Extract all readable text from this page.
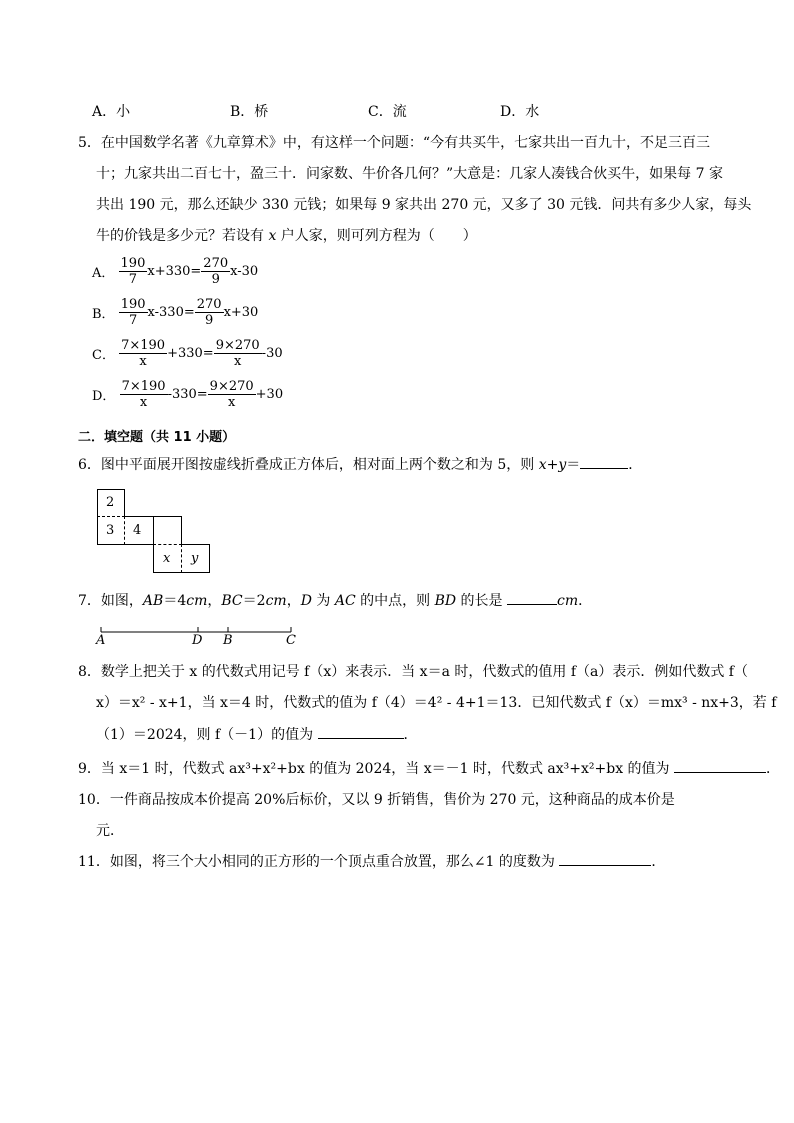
A．小	B．桥	C．流	D．水
5．在中国数学名著《九章算术》中，有这样一个问题：“今有共买牛，七家共出一百九十，不足三百三
十；九家共出二百七十，盈三十．问家数、牛价各几何？”大意是：几家人凑钱合伙买牛，如果每 7 家
共出 190 元，那么还缺少 330 元钱；如果每 9 家共出 270 元，又多了 30 元钱．问共有多少人家，每头
牛的价钱是多少元？若设有 x 户人家，则可列方程为（　　）
A． $\frac{190}{7} x+330= \frac{270}{9} x-30$
B． $\frac{190}{7} x-330= \frac{270}{9} x+30$
C． $\frac{7\times 190}{x} +330= \frac{9\times 270}{x} -30$
D． $\frac{7\times 190}{x} -330= \frac{9\times 270}{x} +30$
二．填空题（共 11 小题）
6．图中平面展开图按虚线折叠成正方体后，相对面上两个数之和为 5，则 x+y＝	．
2
3 4
x y
7．如图，AB＝4cm，BC＝2cm，D 为 AC 的中点，则 BD 的长是	cm．
A	D B	C
8．数学上把关于 x 的代数式用记号 f（x）来表示．当 x＝a 时，代数式的值用 f（a）表示．例如代数式 f（
x）＝x² - x+1，当 x＝4 时，代数式的值为 f（4）＝4² - 4+1＝13．已知代数式 f（x）＝mx³ - nx+3，若 f
（1）＝2024，则 f（－1）的值为	．
9．当 x＝1 时，代数式 ax³+x²+bx 的值为 2024，当 x＝－1 时，代数式 ax³+x²+bx 的值为	．
10．一件商品按成本价提高 20%后标价，又以 9 折销售，售价为 270 元，这种商品的成本价是
元．
11．如图，将三个大小相同的正方形的一个顶点重合放置，那么∠1 的度数为	．
